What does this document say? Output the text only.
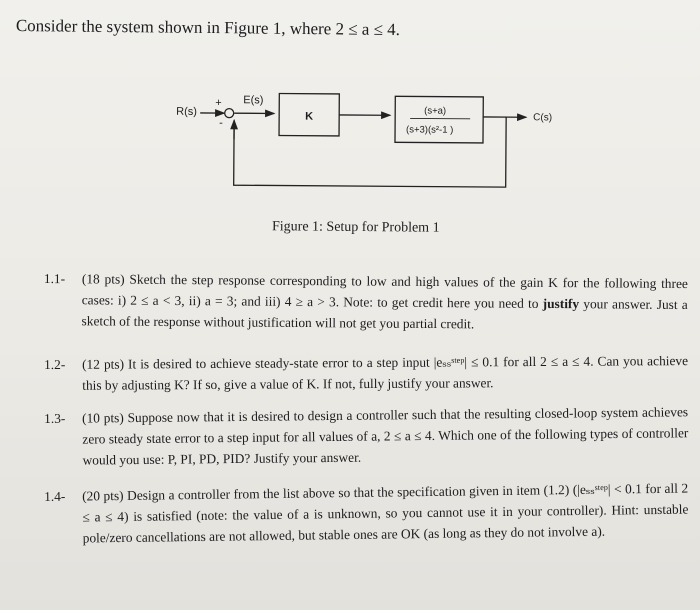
Consider the system shown in Figure 1, where 2 ≤ a ≤ 4.
R(s)
+
-
E(s)
K	(s+a)
(s+3)(s²-1 )
C(s)
Figure 1: Setup for Problem 1
1.1-	(18 pts) Sketch the step response corresponding to low and high values of the gain K for the following three cases: i) 2 ≤ a < 3, ii) a = 3; and iii) 4 ≥ a > 3. Note: to get credit here you need to justify your answer. Just a sketch of the response without justification will not get you partial credit.

1.2-	(12 pts) It is desired to achieve steady-state error to a step input |eₛₛˢᵗᵉᵖ| ≤ 0.1 for all 2 ≤ a ≤ 4. Can you achieve this by adjusting K? If so, give a value of K. If not, fully justify your answer.

1.3-	(10 pts) Suppose now that it is desired to design a controller such that the resulting closed-loop system achieves zero steady state error to a step input for all values of a, 2 ≤ a ≤ 4. Which one of the following types of controller would you use: P, PI, PD, PID? Justify your answer.

1.4-	(20 pts) Design a controller from the list above so that the specification given in item (1.2) (|eₛₛˢᵗᵉᵖ| < 0.1 for all 2 ≤ a ≤ 4) is satisfied (note: the value of a is unknown, so you cannot use it in your controller). Hint: unstable pole/zero cancellations are not allowed, but stable ones are OK (as long as they do not involve a).
